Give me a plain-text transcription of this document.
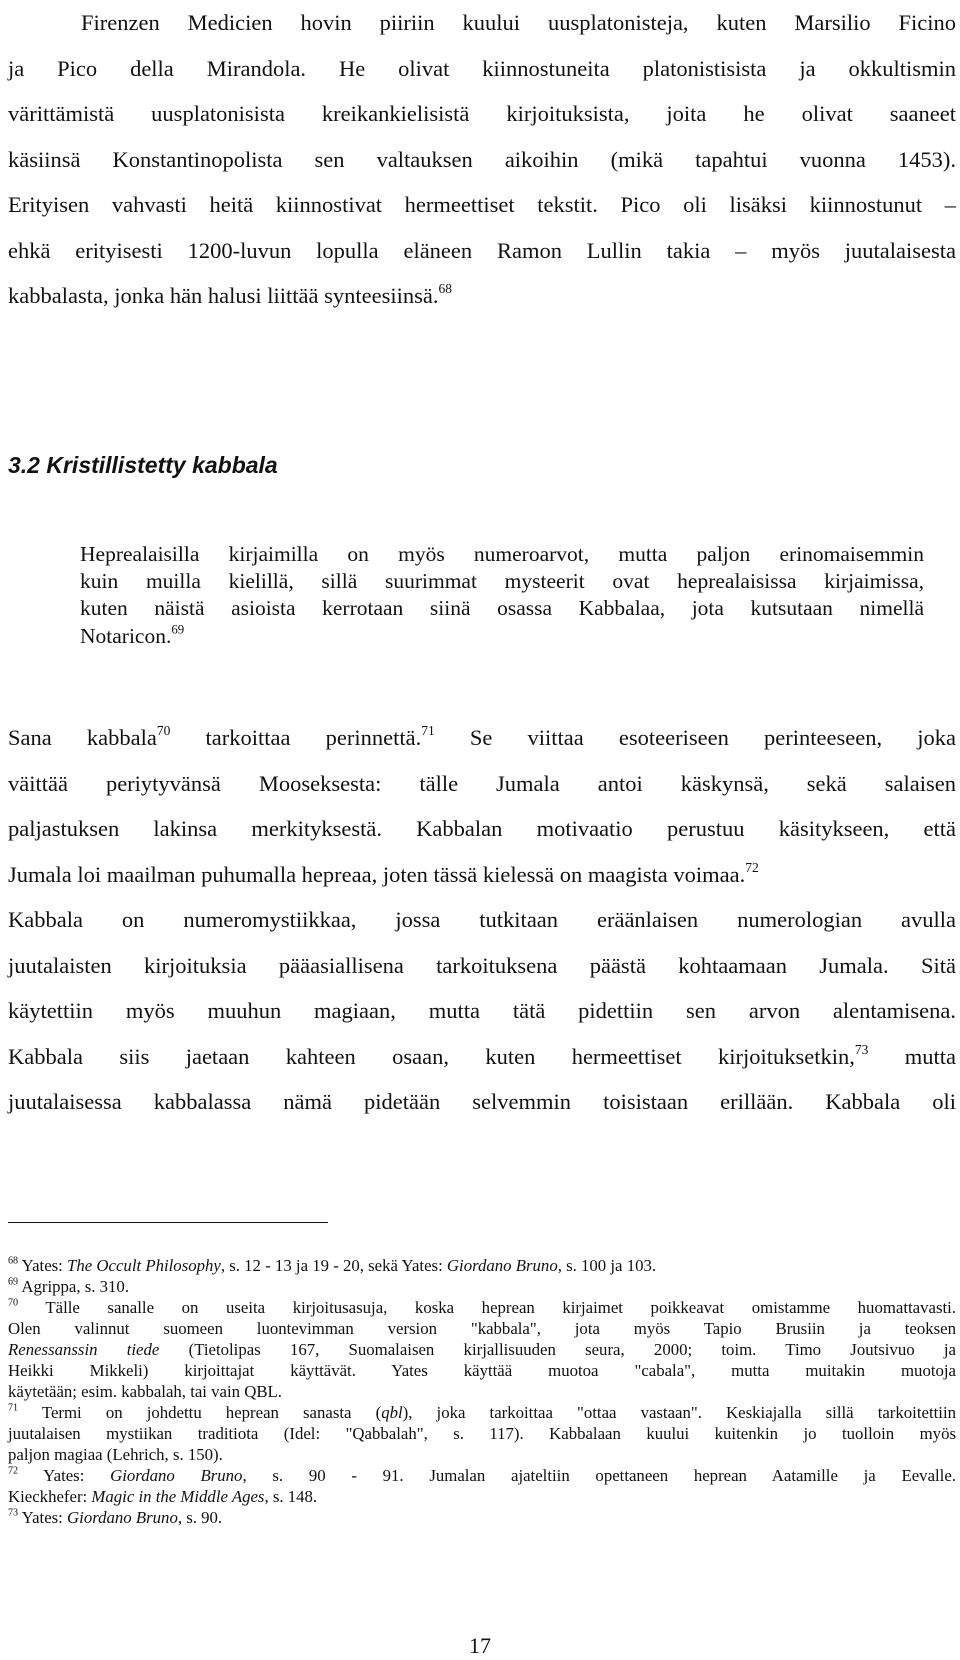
Firenzen Medicien hovin piiriin kuului uusplatonisteja, kuten Marsilio Ficino
ja Pico della Mirandola. He olivat kiinnostuneita platonistisista ja okkultismin
värittämistä uusplatonisista kreikankielisistä kirjoituksista, joita he olivat saaneet
käsiinsä Konstantinopolista sen valtauksen aikoihin (mikä tapahtui vuonna 1453).
Erityisen vahvasti heitä kiinnostivat hermeettiset tekstit. Pico oli lisäksi kiinnostunut –
ehkä erityisesti 1200-luvun lopulla eläneen Ramon Lullin takia – myös juutalaisesta
kabbalasta, jonka hän halusi liittää synteesiinsä.$^{68}$
3.2 Kristillistetty kabbala
Heprealaisilla kirjaimilla on myös numeroarvot, mutta paljon erinomaisemmin
kuin muilla kielillä, sillä suurimmat mysteerit ovat heprealaisissa kirjaimissa,
kuten näistä asioista kerrotaan siinä osassa Kabbalaa, jota kutsutaan nimellä
Notaricon.$^{69}$
Sana kabbala$^{70}$ tarkoittaa perinnettä.$^{71}$ Se viittaa esoteeriseen perinteeseen, joka
väittää periytyvänsä Mooseksesta: tälle Jumala antoi käskynsä, sekä salaisen
paljastuksen lakinsa merkityksestä. Kabbalan motivaatio perustuu käsitykseen, että
Jumala loi maailman puhumalla hepreaa, joten tässä kielessä on maagista voimaa.$^{72}$
Kabbala on numeromystiikkaa, jossa tutkitaan eräänlaisen numerologian avulla
juutalaisten kirjoituksia pääasiallisena tarkoituksena päästä kohtaamaan Jumala. Sitä
käytettiin myös muuhun magiaan, mutta tätä pidettiin sen arvon alentamisena.
Kabbala siis jaetaan kahteen osaan, kuten hermeettiset kirjoituksetkin,$^{73}$ mutta
juutalaisessa kabbalassa nämä pidetään selvemmin toisistaan erillään. Kabbala oli
$^{68}$ Yates: The Occult Philosophy, s. 12 - 13 ja 19 - 20, sekä Yates: Giordano Bruno, s. 100 ja 103.
$^{69}$ Agrippa, s. 310.
$^{70}$ Tälle sanalle on useita kirjoitusasuja, koska heprean kirjaimet poikkeavat omistamme huomattavasti.
Olen valinnut suomeen luontevimman version "kabbala", jota myös Tapio Brusiin ja teoksen
Renessanssin tiede (Tietolipas 167, Suomalaisen kirjallisuuden seura, 2000; toim. Timo Joutsivuo ja
Heikki Mikkeli) kirjoittajat käyttävät. Yates käyttää muotoa "cabala", mutta muitakin muotoja
käytetään; esim. kabbalah, tai vain QBL.
$^{71}$ Termi on johdettu heprean sanasta (qbl), joka tarkoittaa "ottaa vastaan". Keskiajalla sillä tarkoitettiin
juutalaisen mystiikan traditiota (Idel: "Qabbalah", s. 117). Kabbalaan kuului kuitenkin jo tuolloin myös
paljon magiaa (Lehrich, s. 150).
$^{72}$ Yates: Giordano Bruno, s. 90 - 91. Jumalan ajateltiin opettaneen heprean Aatamille ja Eevalle.
Kieckhefer: Magic in the Middle Ages, s. 148.
$^{73}$ Yates: Giordano Bruno, s. 90.
17
